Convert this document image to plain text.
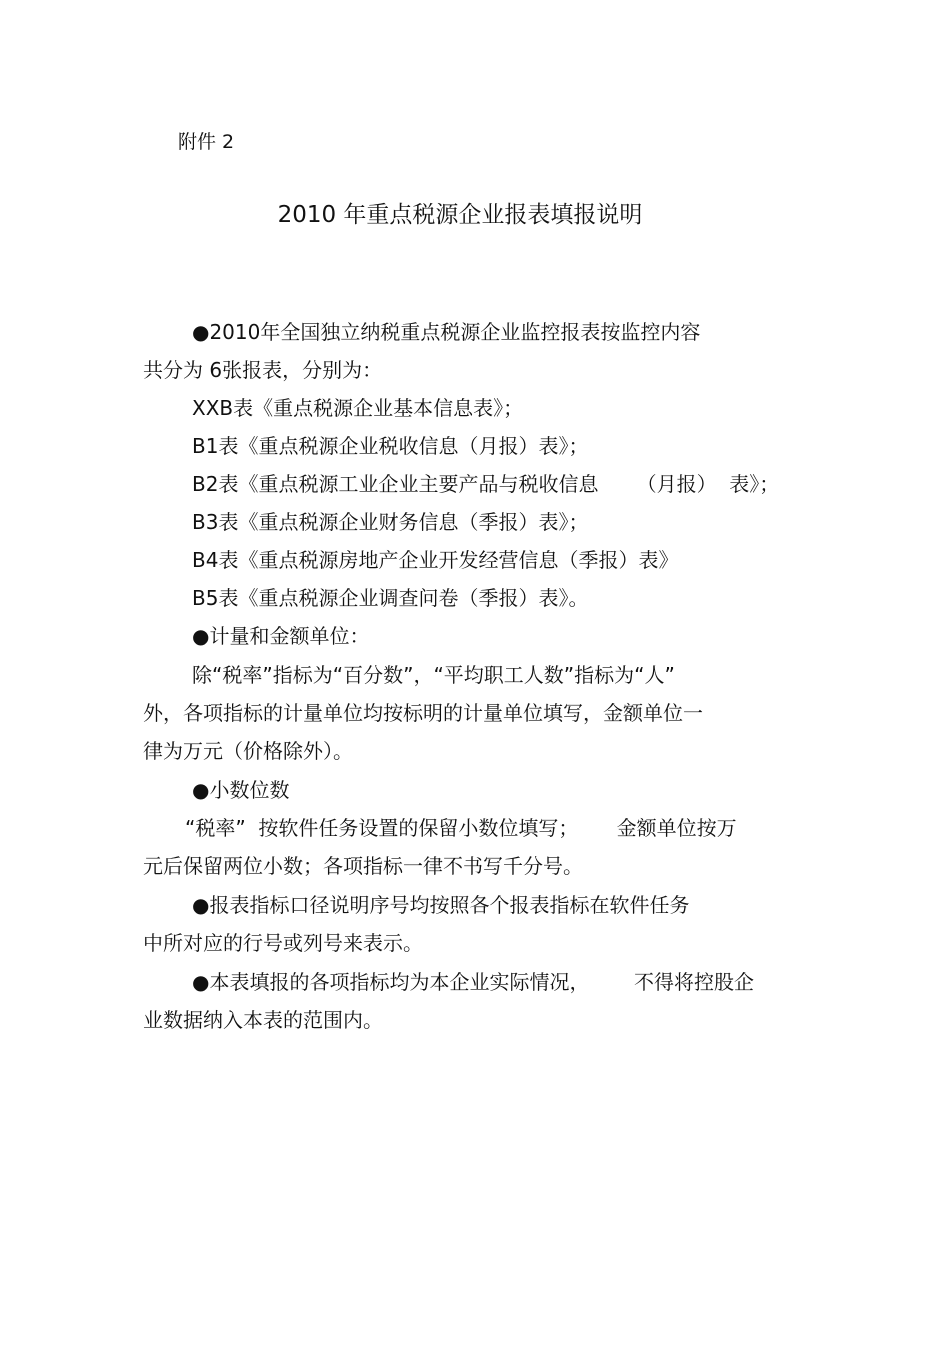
附件 2
2010 年重点税源企业报表填报说明
●2010年全国独立纳税重点税源企业监控报表按监控内容
共分为 6张报表，分别为：
XXB表《重点税源企业基本信息表》；
B1表《重点税源企业税收信息（月报）表》；
B2表《重点税源工业企业主要产品与税收信息      （月报）  表》；
B3表《重点税源企业财务信息（季报）表》；
B4表《重点税源房地产企业开发经营信息（季报）表》
B5表《重点税源企业调查问卷（季报）表》。
●计量和金额单位：
除“税率”指标为“百分数”，“平均职工人数”指标为“人”
外，各项指标的计量单位均按标明的计量单位填写，金额单位一
律为万元（价格除外）。
●小数位数
“税率”  按软件任务设置的保留小数位填写；      金额单位按万
元后保留两位小数；各项指标一律不书写千分号。
●报表指标口径说明序号均按照各个报表指标在软件任务
中所对应的行号或列号来表示。
●本表填报的各项指标均为本企业实际情况，       不得将控股企
业数据纳入本表的范围内。
